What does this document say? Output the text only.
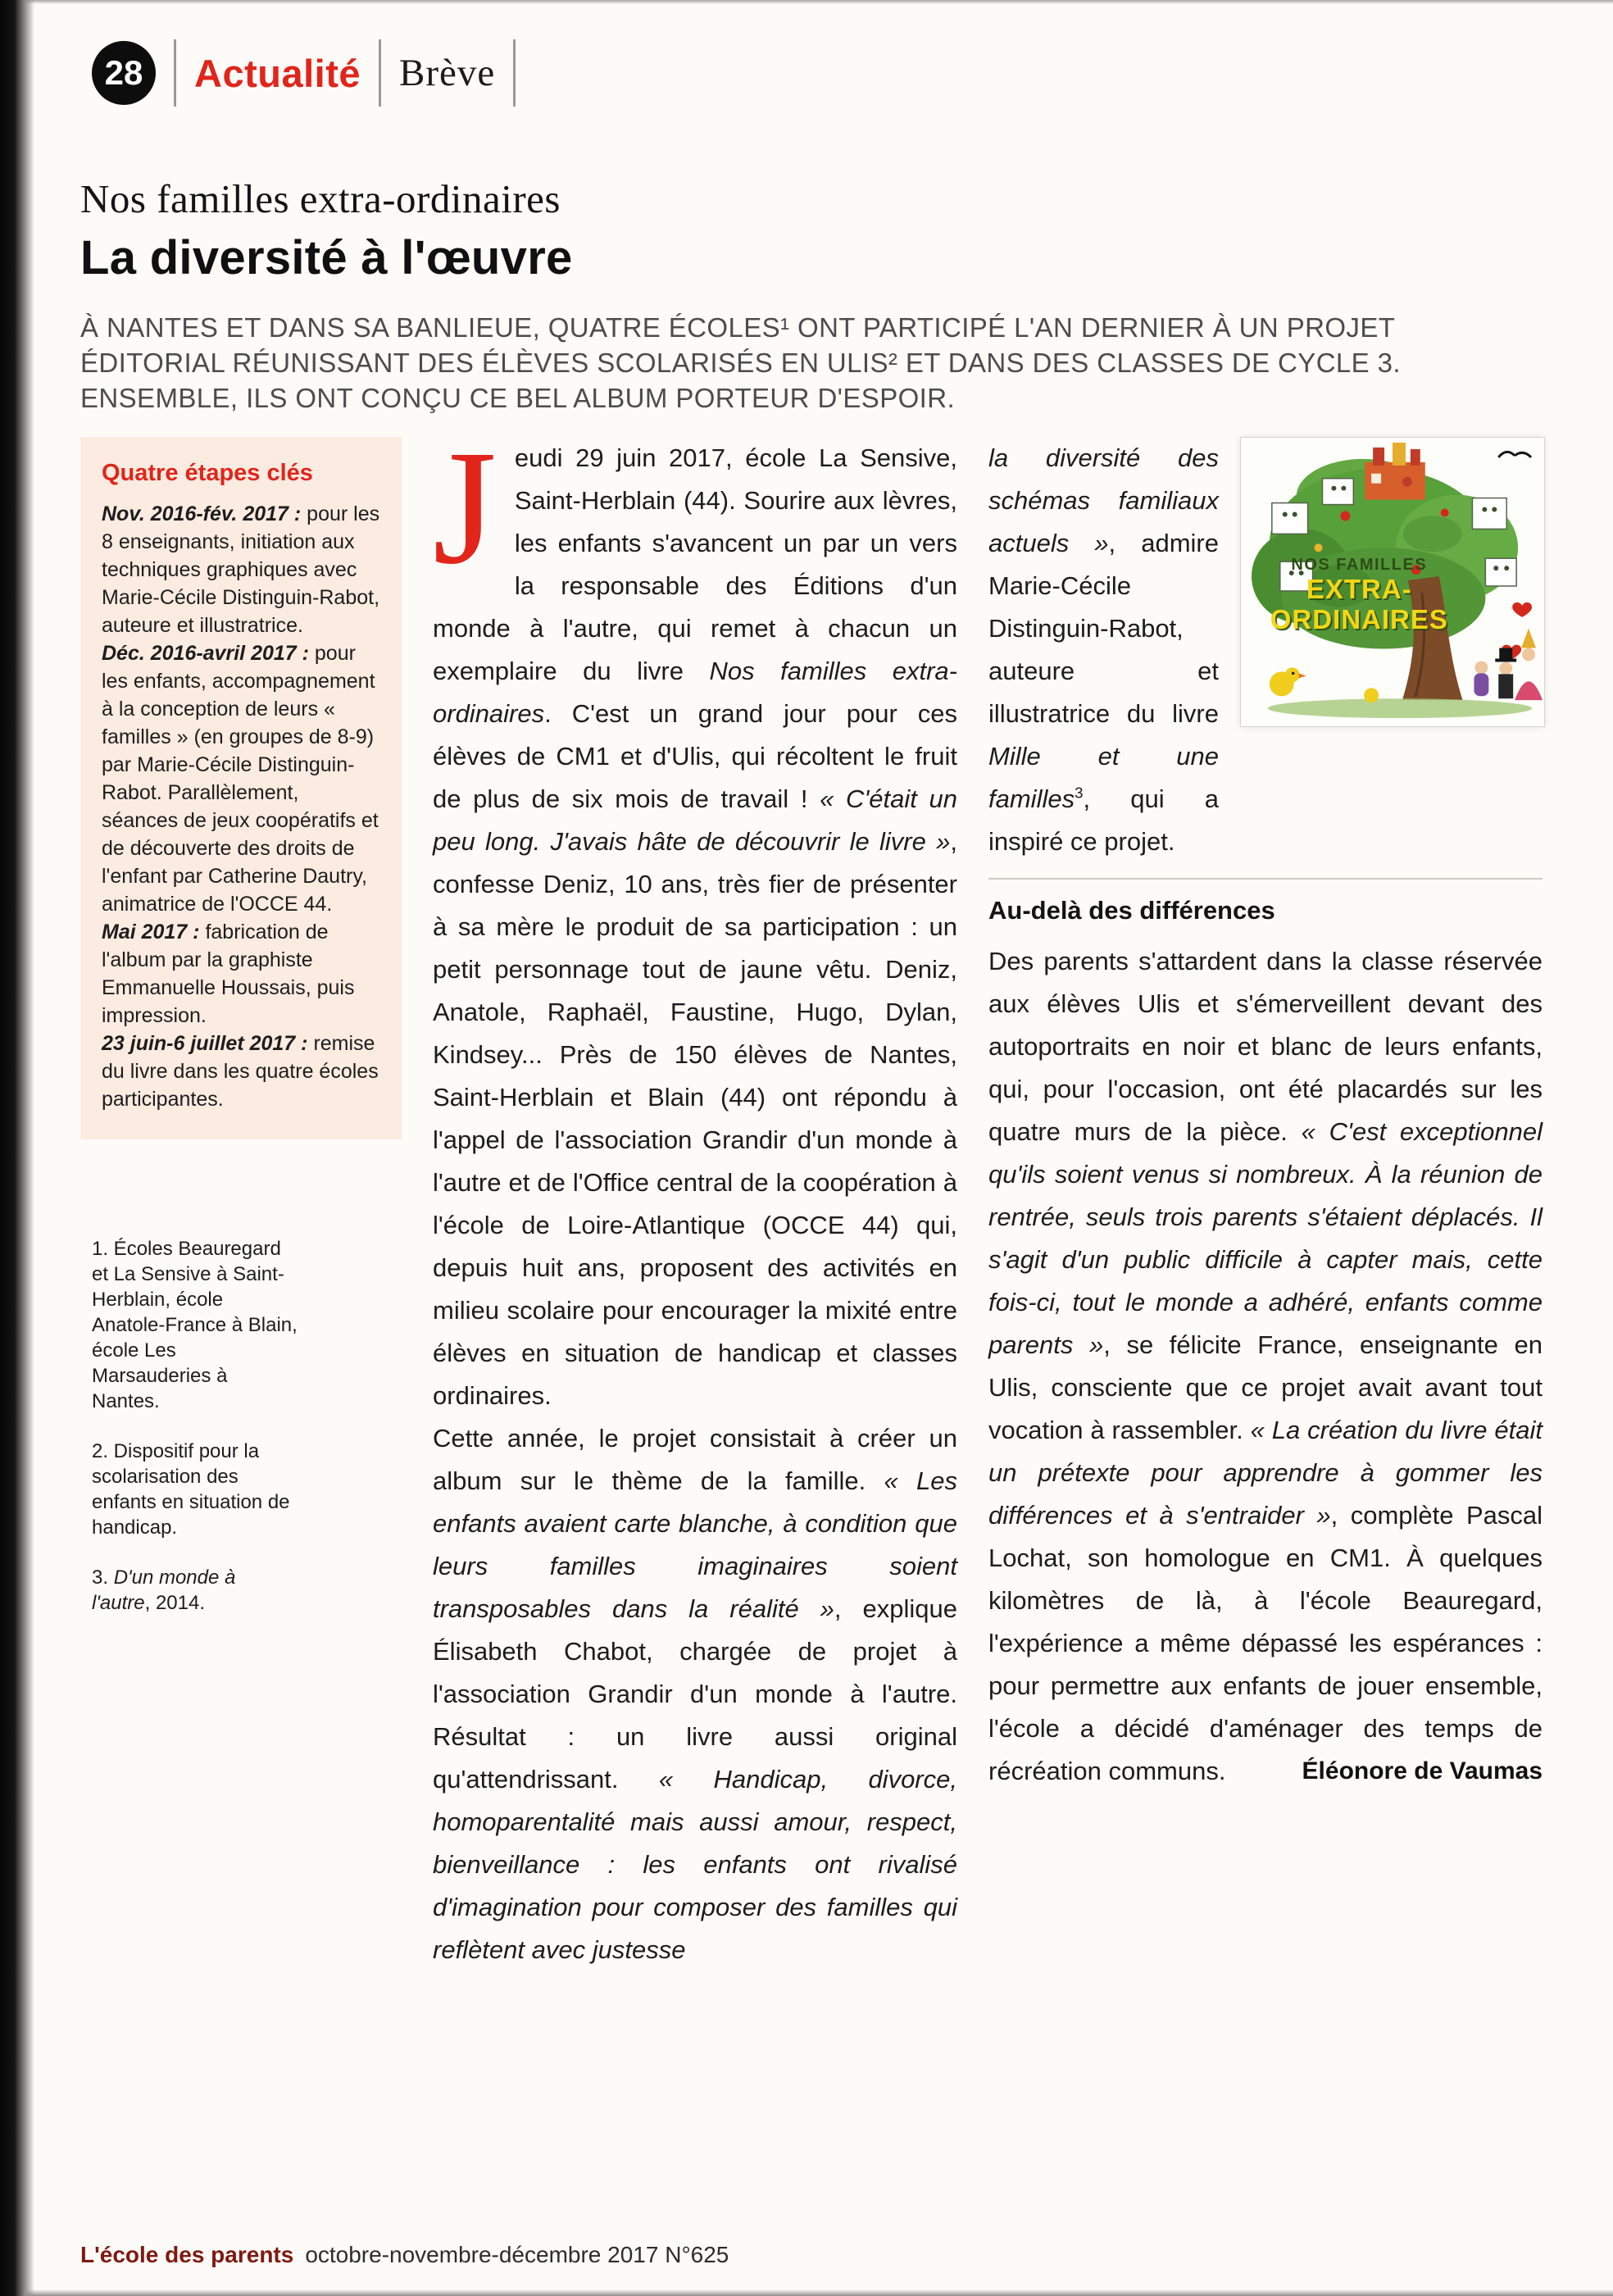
28	Actualité Brève
Nos familles extra-ordinaires
La diversité à l'œuvre
À NANTES ET DANS SA BANLIEUE, QUATRE ÉCOLES¹ ONT PARTICIPÉ L'AN DERNIER À UN PROJET ÉDITORIAL RÉUNISSANT DES ÉLÈVES SCOLARISÉS EN ULIS² ET DANS DES CLASSES DE CYCLE 3. ENSEMBLE, ILS ONT CONÇU CE BEL ALBUM PORTEUR D'ESPOIR.
Quatre étapes clés

Nov. 2016-fév. 2017 : pour les 8 enseignants, initiation aux techniques graphiques avec Marie-Cécile Distinguin-Rabot, auteure et illustratrice.

Déc. 2016-avril 2017 : pour les enfants, accompagnement à la conception de leurs « familles » (en groupes de 8-9) par Marie-Cécile Distinguin-Rabot. Parallèlement, séances de jeux coopératifs et de découverte des droits de l'enfant par Catherine Dautry, animatrice de l'OCCE 44.

Mai 2017 : fabrication de l'album par la graphiste Emmanuelle Houssais, puis impression.

23 juin-6 juillet 2017 : remise du livre dans les quatre écoles participantes.

1. Écoles Beauregard et La Sensive à Saint-Herblain, école Anatole-France à Blain, école Les Marsauderies à Nantes.

2. Dispositif pour la scolarisation des enfants en situation de handicap.

3. D'un monde à l'autre, 2014.

Jeudi 29 juin 2017, école La Sensive, Saint-Herblain (44). Sourire aux lèvres, les enfants s'avancent un par un vers la responsable des Éditions d'un monde à l'autre, qui remet à chacun un exemplaire du livre Nos familles extra-ordinaires. C'est un grand jour pour ces élèves de CM1 et d'Ulis, qui récoltent le fruit de plus de six mois de travail ! « C'était un peu long. J'avais hâte de découvrir le livre », confesse Deniz, 10 ans, très fier de présenter à sa mère le produit de sa participation : un petit personnage tout de jaune vêtu. Deniz, Anatole, Raphaël, Faustine, Hugo, Dylan, Kindsey... Près de 150 élèves de Nantes, Saint-Herblain et Blain (44) ont répondu à l'appel de l'association Grandir d'un monde à l'autre et de l'Office central de la coopération à l'école de Loire-Atlantique (OCCE 44) qui, depuis huit ans, proposent des activités en milieu scolaire pour encourager la mixité entre élèves en situation de handicap et classes ordinaires.

Cette année, le projet consistait à créer un album sur le thème de la famille. « Les enfants avaient carte blanche, à condition que leurs familles imaginaires soient transposables dans la réalité », explique Élisabeth Chabot, chargée de projet à l'association Grandir d'un monde à l'autre. Résultat : un livre aussi original qu'attendrissant. « Handicap, divorce, homoparentalité mais aussi amour, respect, bienveillance : les enfants ont rivalisé d'imagination pour composer des familles qui reflètent avec justesse

la diversité des schémas familiaux actuels », admire Marie-Cécile Distinguin-Rabot, auteure et illustratrice du livre Mille et une familles$^3$, qui a inspiré ce projet.

NOS FAMILLES
EXTRA-
ORDINAIRES
Au-delà des différences

Des parents s'attardent dans la classe réservée aux élèves Ulis et s'émerveillent devant des autoportraits en noir et blanc de leurs enfants, qui, pour l'occasion, ont été placardés sur les quatre murs de la pièce. « C'est exceptionnel qu'ils soient venus si nombreux. À la réunion de rentrée, seuls trois parents s'étaient déplacés. Il s'agit d'un public difficile à capter mais, cette fois-ci, tout le monde a adhéré, enfants comme parents », se félicite France, enseignante en Ulis, consciente que ce projet avait avant tout vocation à rassembler. « La création du livre était un prétexte pour apprendre à gommer les différences et à s'entraider », complète Pascal Lochat, son homologue en CM1. À quelques kilomètres de là, à l'école Beauregard, l'expérience a même dépassé les espérances : pour permettre aux enfants de jouer ensemble, l'école a décidé d'aménager des temps de récréation communs.	Éléonore de Vaumas

L'école des parents octobre-novembre-décembre 2017 N°625
